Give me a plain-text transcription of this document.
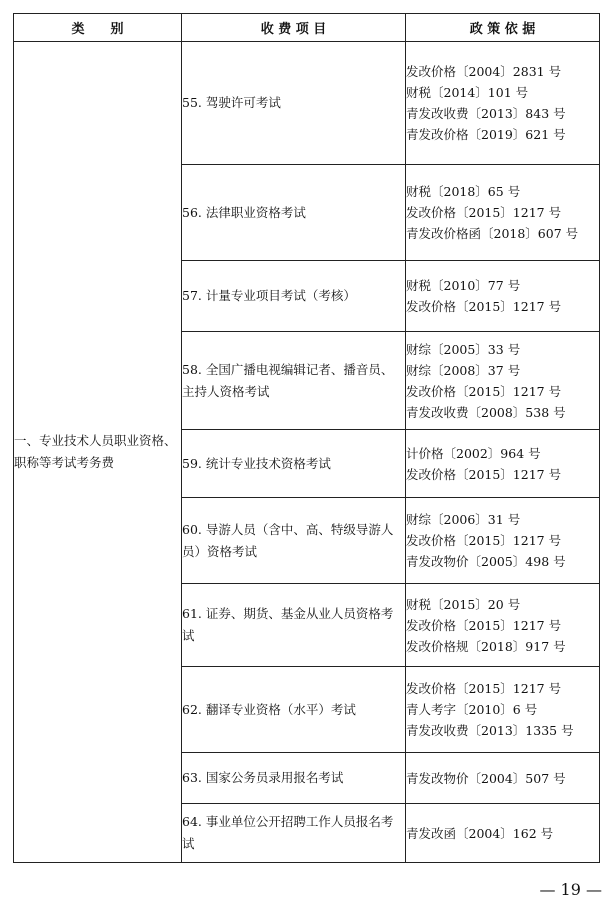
类　　别	收 费 项 目	政 策 依 据
一、专业技术人员职业资格、职称等考试考务费	55. 驾驶许可考试	发改价格〔2004〕2831 号
财税〔2014〕101 号
青发改收费〔2013〕843 号
青发改价格〔2019〕621 号

	56. 法律职业资格考试	财税〔2018〕65 号
发改价格〔2015〕1217 号
青发改价格函〔2018〕607 号

	57. 计量专业项目考试（考核）	财税〔2010〕77 号
发改价格〔2015〕1217 号

	58. 全国广播电视编辑记者、播音员、主持人资格考试	财综〔2005〕33 号
财综〔2008〕37 号
发改价格〔2015〕1217 号
青发改收费〔2008〕538 号

	59. 统计专业技术资格考试	计价格〔2002〕964 号
发改价格〔2015〕1217 号

	60. 导游人员（含中、高、特级导游人员）资格考试	财综〔2006〕31 号
发改价格〔2015〕1217 号
青发改物价〔2005〕498 号

	61. 证券、期货、基金从业人员资格考试	财税〔2015〕20 号
发改价格〔2015〕1217 号
发改价格规〔2018〕917 号

	62. 翻译专业资格（水平）考试	发改价格〔2015〕1217 号
青人考字〔2010〕6 号
青发改收费〔2013〕1335 号

	63. 国家公务员录用报名考试	青发改物价〔2004〕507 号

	64. 事业单位公开招聘工作人员报名考试	青发改函〔2004〕162 号
— 19 —
